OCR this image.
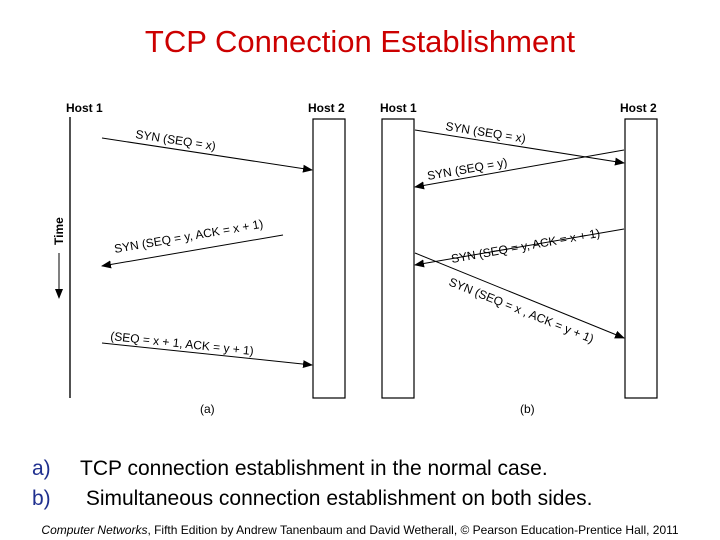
TCP Connection Establishment
Host 1	Host 2
SYN (SEQ = x)
SYN (SEQ = y, ACK = x + 1)
(SEQ = x + 1, ACK = y + 1)
Time
(a)
Host 1	Host 2
SYN (SEQ = x)
SYN (SEQ = y)
SYN (SEQ = y, ACK = x + 1)
SYN (SEQ = x , ACK = y + 1)
(b)
a) TCP connection establishment in the normal case.
b) Simultaneous connection establishment on both sides.
Computer Networks, Fifth Edition by Andrew Tanenbaum and David Wetherall, © Pearson Education-Prentice Hall, 2011
